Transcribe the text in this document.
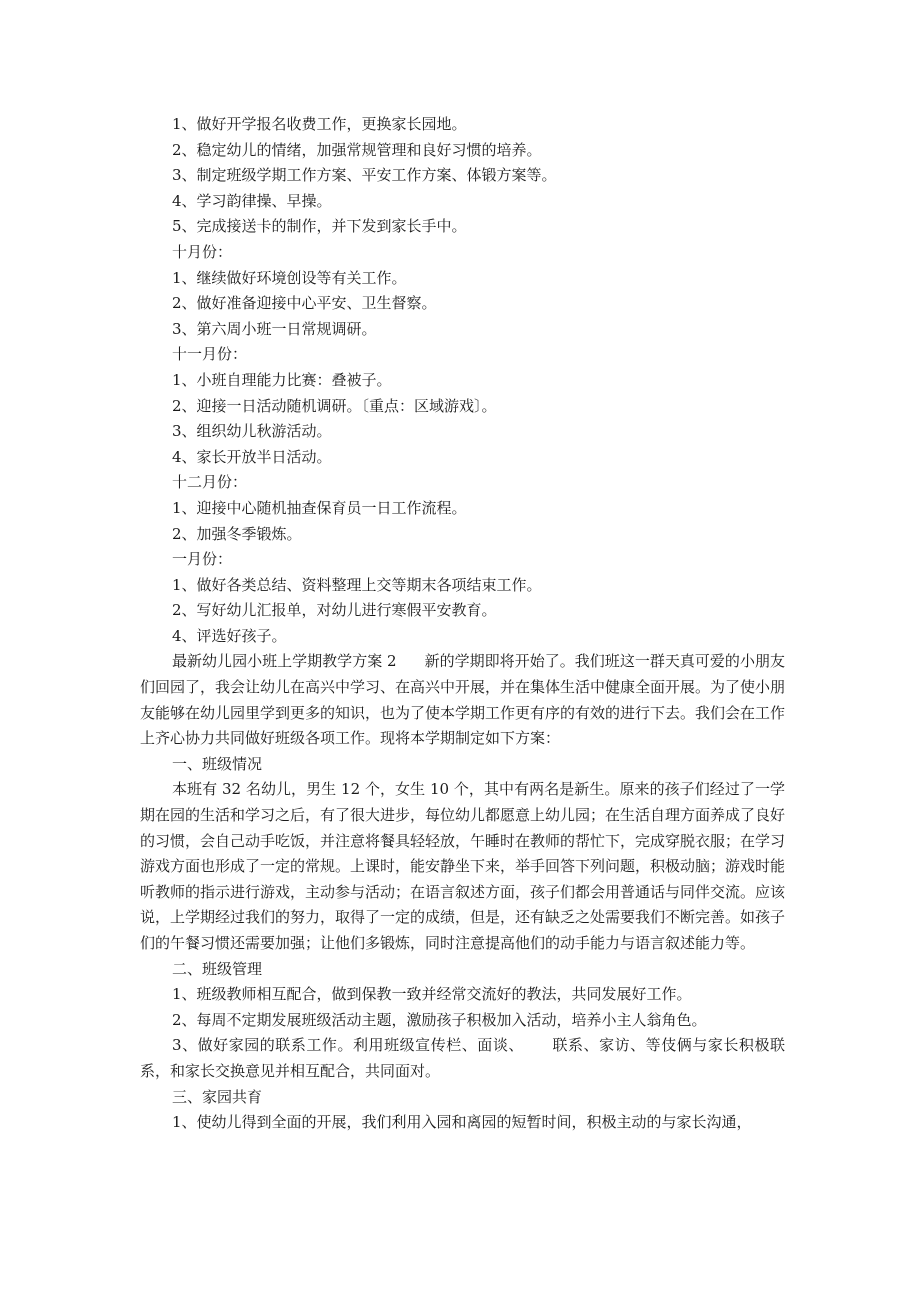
1、做好开学报名收费工作，更换家长园地。
2、稳定幼儿的情绪，加强常规管理和良好习惯的培养。
3、制定班级学期工作方案、平安工作方案、体锻方案等。
4、学习韵律操、早操。
5、完成接送卡的制作，并下发到家长手中。
十月份：
1、继续做好环境创设等有关工作。
2、做好准备迎接中心平安、卫生督察。
3、第六周小班一日常规调研。
十一月份：
1、小班自理能力比赛：叠被子。
2、迎接一日活动随机调研。〔重点：区域游戏〕。
3、组织幼儿秋游活动。
4、家长开放半日活动。
十二月份：
1、迎接中心随机抽查保育员一日工作流程。
2、加强冬季锻炼。
一月份：
1、做好各类总结、资料整理上交等期末各项结束工作。
2、写好幼儿汇报单，对幼儿进行寒假平安教育。
4、评选好孩子。

最新幼儿园小班上学期教学方案 2 新的学期即将开始了。我们班这一群天真可爱的小朋友们回园了，我会让幼儿在高兴中学习、在高兴中开展，并在集体生活中健康全面开展。为了使小朋友能够在幼儿园里学到更多的知识，也为了使本学期工作更有序的有效的进行下去。我们会在工作上齐心协力共同做好班级各项工作。现将本学期制定如下方案：

一、班级情况

本班有 32 名幼儿，男生 12 个，女生 10 个，其中有两名是新生。原来的孩子们经过了一学期在园的生活和学习之后，有了很大进步，每位幼儿都愿意上幼儿园；在生活自理方面养成了良好的习惯，会自己动手吃饭，并注意将餐具轻轻放，午睡时在教师的帮忙下，完成穿脱衣服；在学习游戏方面也形成了一定的常规。上课时，能安静坐下来，举手回答下列问题，积极动脑；游戏时能听教师的指示进行游戏，主动参与活动；在语言叙述方面，孩子们都会用普通话与同伴交流。应该说，上学期经过我们的努力，取得了一定的成绩，但是，还有缺乏之处需要我们不断完善。如孩子们的午餐习惯还需要加强；让他们多锻炼，同时注意提高他们的动手能力与语言叙述能力等。

二、班级管理
1、班级教师相互配合，做到保教一致并经常交流好的教法，共同发展好工作。
2、每周不定期发展班级活动主题，激励孩子积极加入活动，培养小主人翁角色。

3、做好家园的联系工作。利用班级宣传栏、面谈、 联系、家访、等伎俩与家长积极联系，和家长交换意见并相互配合，共同面对。

三、家园共育

1、使幼儿得到全面的开展，我们利用入园和离园的短暂时间，积极主动的与家长沟通，
